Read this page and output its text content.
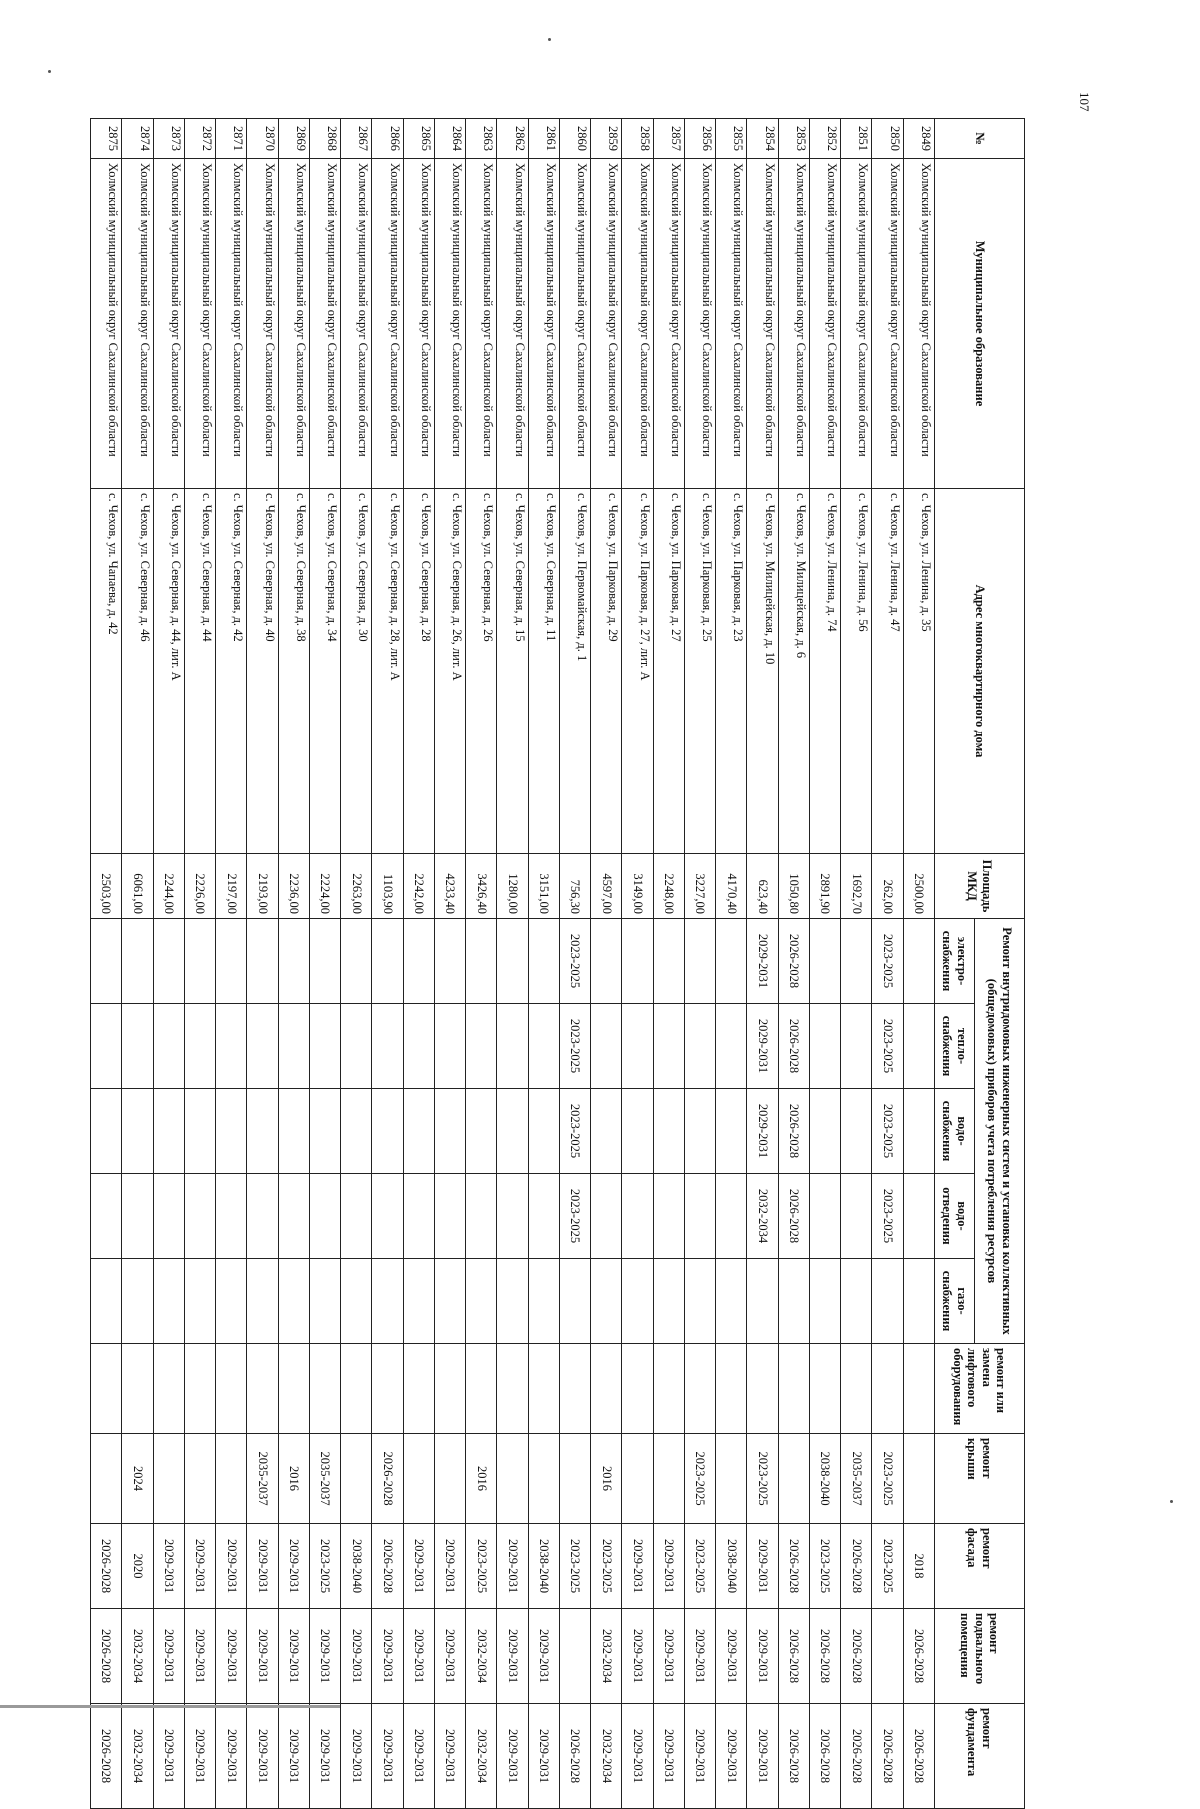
107
№	Муниципальное образование	Адрес многоквартирного дома	Площадь МКД	Ремонт внутридомовых инженерных систем и установка коллективных (общедомовых) приборов учета потребления ресурсов					ремонт или замена лифтового оборудования	ремонт крыши	ремонт фасада	ремонт подвального помещения	ремонт фундамента
				электро-снабжения	тепло-снабжения	водо-снабжения	водо-отведения	газо-снабжения					
2849	Холмский муниципальный округ Сахалинской области	с. Чехов, ул. Ленина, д. 35	2500,00								2018	2026-2028	2026-2028
2850	Холмский муниципальный округ Сахалинской области	с. Чехов, ул. Ленина, д. 47	262,00	2023-2025	2023-2025	2023-2025	2023-2025			2023-2025	2023-2025		2026-2028
2851	Холмский муниципальный округ Сахалинской области	с. Чехов, ул. Ленина, д. 56	1692,70							2035-2037	2026-2028	2026-2028	2026-2028
2852	Холмский муниципальный округ Сахалинской области	с. Чехов, ул. Ленина, д. 74	2891,90							2038-2040	2023-2025	2026-2028	2026-2028
2853	Холмский муниципальный округ Сахалинской области	с. Чехов, ул. Милицейская, д. 6	1050,80	2026-2028	2026-2028	2026-2028	2026-2028				2026-2028	2026-2028	2026-2028
2854	Холмский муниципальный округ Сахалинской области	с. Чехов, ул. Милицейская, д. 10	623,40	2029-2031	2029-2031	2029-2031	2032-2034			2023-2025	2029-2031	2029-2031	2029-2031
2855	Холмский муниципальный округ Сахалинской области	с. Чехов, ул. Парковая, д. 23	4170,40								2038-2040	2029-2031	2029-2031
2856	Холмский муниципальный округ Сахалинской области	с. Чехов, ул. Парковая, д. 25	3227,00							2023-2025	2023-2025	2029-2031	2029-2031
2857	Холмский муниципальный округ Сахалинской области	с. Чехов, ул. Парковая, д. 27	2248,00								2029-2031	2029-2031	2029-2031
2858	Холмский муниципальный округ Сахалинской области	с. Чехов, ул. Парковая, д. 27, лит. А	3149,00								2029-2031	2029-2031	2029-2031
2859	Холмский муниципальный округ Сахалинской области	с. Чехов, ул. Парковая, д. 29	4597,00							2016	2023-2025	2032-2034	2032-2034
2860	Холмский муниципальный округ Сахалинской области	с. Чехов, ул. Первомайская, д. 1	756,30	2023-2025	2023-2025	2023-2025	2023-2025				2023-2025		2026-2028
2861	Холмский муниципальный округ Сахалинской области	с. Чехов, ул. Северная, д. 11	3151,00								2038-2040	2029-2031	2029-2031
2862	Холмский муниципальный округ Сахалинской области	с. Чехов, ул. Северная, д. 15	1280,00								2029-2031	2029-2031	2029-2031
2863	Холмский муниципальный округ Сахалинской области	с. Чехов, ул. Северная, д. 26	3426,40							2016	2023-2025	2032-2034	2032-2034
2864	Холмский муниципальный округ Сахалинской области	с. Чехов, ул. Северная, д. 26, лит. А	4233,40								2029-2031	2029-2031	2029-2031
2865	Холмский муниципальный округ Сахалинской области	с. Чехов, ул. Северная, д. 28	2242,00								2029-2031	2029-2031	2029-2031
2866	Холмский муниципальный округ Сахалинской области	с. Чехов, ул. Северная, д. 28, лит. А	1103,90							2026-2028	2026-2028	2029-2031	2029-2031
2867	Холмский муниципальный округ Сахалинской области	с. Чехов, ул. Северная, д. 30	2263,00								2038-2040	2029-2031	2029-2031
2868	Холмский муниципальный округ Сахалинской области	с. Чехов, ул. Северная, д. 34	2224,00							2035-2037	2023-2025	2029-2031	2029-2031
2869	Холмский муниципальный округ Сахалинской области	с. Чехов, ул. Северная, д. 38	2236,00							2016	2029-2031	2029-2031	2029-2031
2870	Холмский муниципальный округ Сахалинской области	с. Чехов, ул. Северная, д. 40	2193,00							2035-2037	2029-2031	2029-2031	2029-2031
2871	Холмский муниципальный округ Сахалинской области	с. Чехов, ул. Северная, д. 42	2197,00								2029-2031	2029-2031	2029-2031
2872	Холмский муниципальный округ Сахалинской области	с. Чехов, ул. Северная, д. 44	2226,00								2029-2031	2029-2031	2029-2031
2873	Холмский муниципальный округ Сахалинской области	с. Чехов, ул. Северная, д. 44, лит. А	2244,00								2029-2031	2029-2031	2029-2031
2874	Холмский муниципальный округ Сахалинской области	с. Чехов, ул. Северная, д. 46	6061,00							2024	2020	2032-2034	2032-2034
2875	Холмский муниципальный округ Сахалинской области	с. Чехов, ул. Чапаева, д. 42	2503,00								2026-2028	2026-2028	2026-2028
